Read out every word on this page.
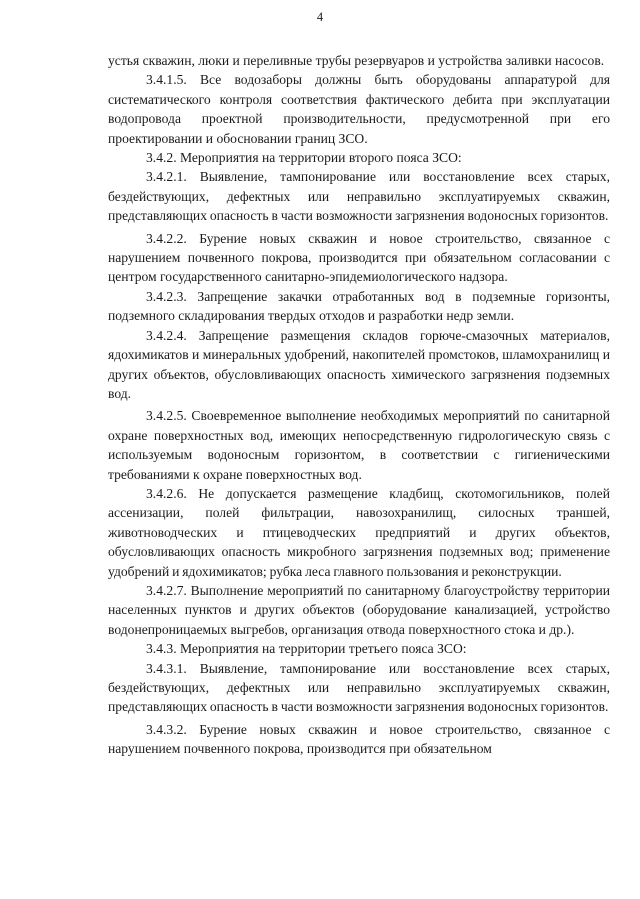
4

устья скважин, люки и переливные трубы резервуаров и устройства заливки насосов.

3.4.1.5. Все водозаборы должны быть оборудованы аппаратурой для систематического контроля соответствия фактического дебита при эксплуатации водопровода проектной производительности, предусмотренной при его проектировании и обосновании границ ЗСО.

3.4.2. Мероприятия на территории второго пояса ЗСО:

3.4.2.1. Выявление, тампонирование или восстановление всех старых, бездействующих, дефектных или неправильно эксплуатируемых скважин, представляющих опасность в части возможности загрязнения водоносных горизонтов.

3.4.2.2. Бурение новых скважин и новое строительство, связанное с нарушением почвенного покрова, производится при обязательном согласовании с центром государственного санитарно-эпидемиологического надзора.

3.4.2.3. Запрещение закачки отработанных вод в подземные горизонты, подземного складирования твердых отходов и разработки недр земли.

3.4.2.4. Запрещение размещения складов горюче-смазочных материалов, ядохимикатов и минеральных удобрений, накопителей промстоков, шламохранилищ и других объектов, обусловливающих опасность химического загрязнения подземных вод.

3.4.2.5. Своевременное выполнение необходимых мероприятий по санитарной охране поверхностных вод, имеющих непосредственную гидрологическую связь с используемым водоносным горизонтом, в соответствии с гигиеническими требованиями к охране поверхностных вод.

3.4.2.6. Не допускается размещение кладбищ, скотомогильников, полей ассенизации, полей фильтрации, навозохранилищ, силосных траншей, животноводческих и птицеводческих предприятий и других объектов, обусловливающих опасность микробного загрязнения подземных вод; применение удобрений и ядохимикатов; рубка леса главного пользования и реконструкции.

3.4.2.7. Выполнение мероприятий по санитарному благоустройству территории населенных пунктов и других объектов (оборудование канализацией, устройство водонепроницаемых выгребов, организация отвода поверхностного стока и др.).

3.4.3. Мероприятия на территории третьего пояса ЗСО:

3.4.3.1. Выявление, тампонирование или восстановление всех старых, бездействующих, дефектных или неправильно эксплуатируемых скважин, представляющих опасность в части возможности загрязнения водоносных горизонтов.

3.4.3.2. Бурение новых скважин и новое строительство, связанное с нарушением почвенного покрова, производится при обязательном
